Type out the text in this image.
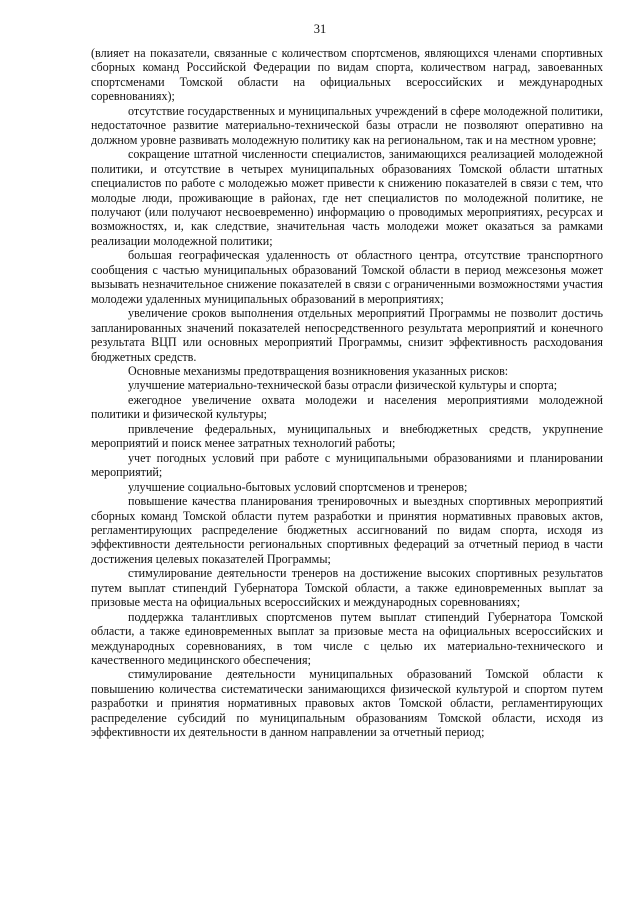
31

(влияет на показатели, связанные с количеством спортсменов, являющихся членами спортивных сборных команд Российской Федерации по видам спорта, количеством наград, завоеванных спортсменами Томской области на официальных всероссийских и международных соревнованиях);

отсутствие государственных и муниципальных учреждений в сфере молодежной политики, недостаточное развитие материально-технической базы отрасли не позволяют оперативно на должном уровне развивать молодежную политику как на региональном, так и на местном уровне;

сокращение штатной численности специалистов, занимающихся реализацией молодежной политики, и отсутствие в четырех муниципальных образованиях Томской области штатных специалистов по работе с молодежью может привести к снижению показателей в связи с тем, что молодые люди, проживающие в районах, где нет специалистов по молодежной политике, не получают (или получают несвоевременно) информацию о проводимых мероприятиях, ресурсах и возможностях, и, как следствие, значительная часть молодежи может оказаться за рамками реализации молодежной политики;

большая географическая удаленность от областного центра, отсутствие транспортного сообщения с частью муниципальных образований Томской области в период межсезонья может вызывать незначительное снижение показателей в связи с ограниченными возможностями участия молодежи удаленных муниципальных образований в мероприятиях;

увеличение сроков выполнения отдельных мероприятий Программы не позволит достичь запланированных значений показателей непосредственного результата мероприятий и конечного результата ВЦП или основных мероприятий Программы, снизит эффективность расходования бюджетных средств.

Основные механизмы предотвращения возникновения указанных рисков:

улучшение материально-технической базы отрасли физической культуры и спорта;

ежегодное увеличение охвата молодежи и населения мероприятиями молодежной политики и физической культуры;

привлечение федеральных, муниципальных и внебюджетных средств, укрупнение мероприятий и поиск менее затратных технологий работы;

учет погодных условий при работе с муниципальными образованиями и планировании мероприятий;

улучшение социально-бытовых условий спортсменов и тренеров;

повышение качества планирования тренировочных и выездных спортивных мероприятий сборных команд Томской области путем разработки и принятия нормативных правовых актов, регламентирующих распределение бюджетных ассигнований по видам спорта, исходя из эффективности деятельности региональных спортивных федераций за отчетный период в части достижения целевых показателей Программы;

стимулирование деятельности тренеров на достижение высоких спортивных результатов путем выплат стипендий Губернатора Томской области, а также единовременных выплат за призовые места на официальных всероссийских и международных соревнованиях;

поддержка талантливых спортсменов путем выплат стипендий Губернатора Томской области, а также единовременных выплат за призовые места на официальных всероссийских и международных соревнованиях, в том числе с целью их материально-технического и качественного медицинского обеспечения;

стимулирование деятельности муниципальных образований Томской области к повышению количества систематически занимающихся физической культурой и спортом путем разработки и принятия нормативных правовых актов Томской области, регламентирующих распределение субсидий по муниципальным образованиям Томской области, исходя из эффективности их деятельности в данном направлении за отчетный период;
